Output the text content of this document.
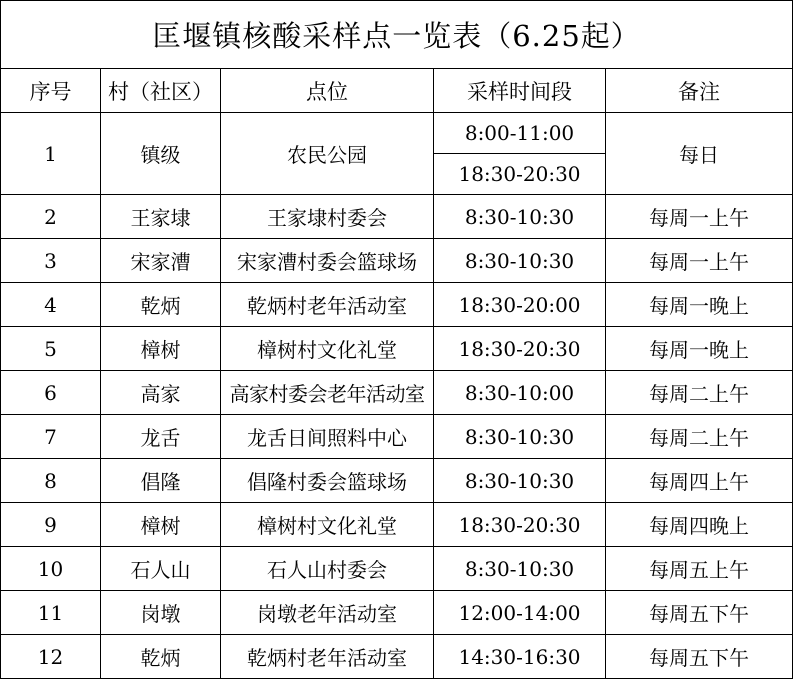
匡堰镇核酸采样点一览表（6.25起）				
序号	村（社区）	点位	采样时间段	备注
1	镇级	农民公园	8:00-11:00	每日
			18:30-20:30	
2	王家埭	王家埭村委会	8:30-10:30	每周一上午
3	宋家漕	宋家漕村委会篮球场	8:30-10:30	每周一上午
4	乾炳	乾炳村老年活动室	18:30-20:00	每周一晚上
5	樟树	樟树村文化礼堂	18:30-20:30	每周一晚上
6	高家	高家村委会老年活动室	8:30-10:00	每周二上午
7	龙舌	龙舌日间照料中心	8:30-10:30	每周二上午
8	倡隆	倡隆村委会篮球场	8:30-10:30	每周四上午
9	樟树	樟树村文化礼堂	18:30-20:30	每周四晚上
10	石人山	石人山村委会	8:30-10:30	每周五上午
11	岗墩	岗墩老年活动室	12:00-14:00	每周五下午
12	乾炳	乾炳村老年活动室	14:30-16:30	每周五下午
